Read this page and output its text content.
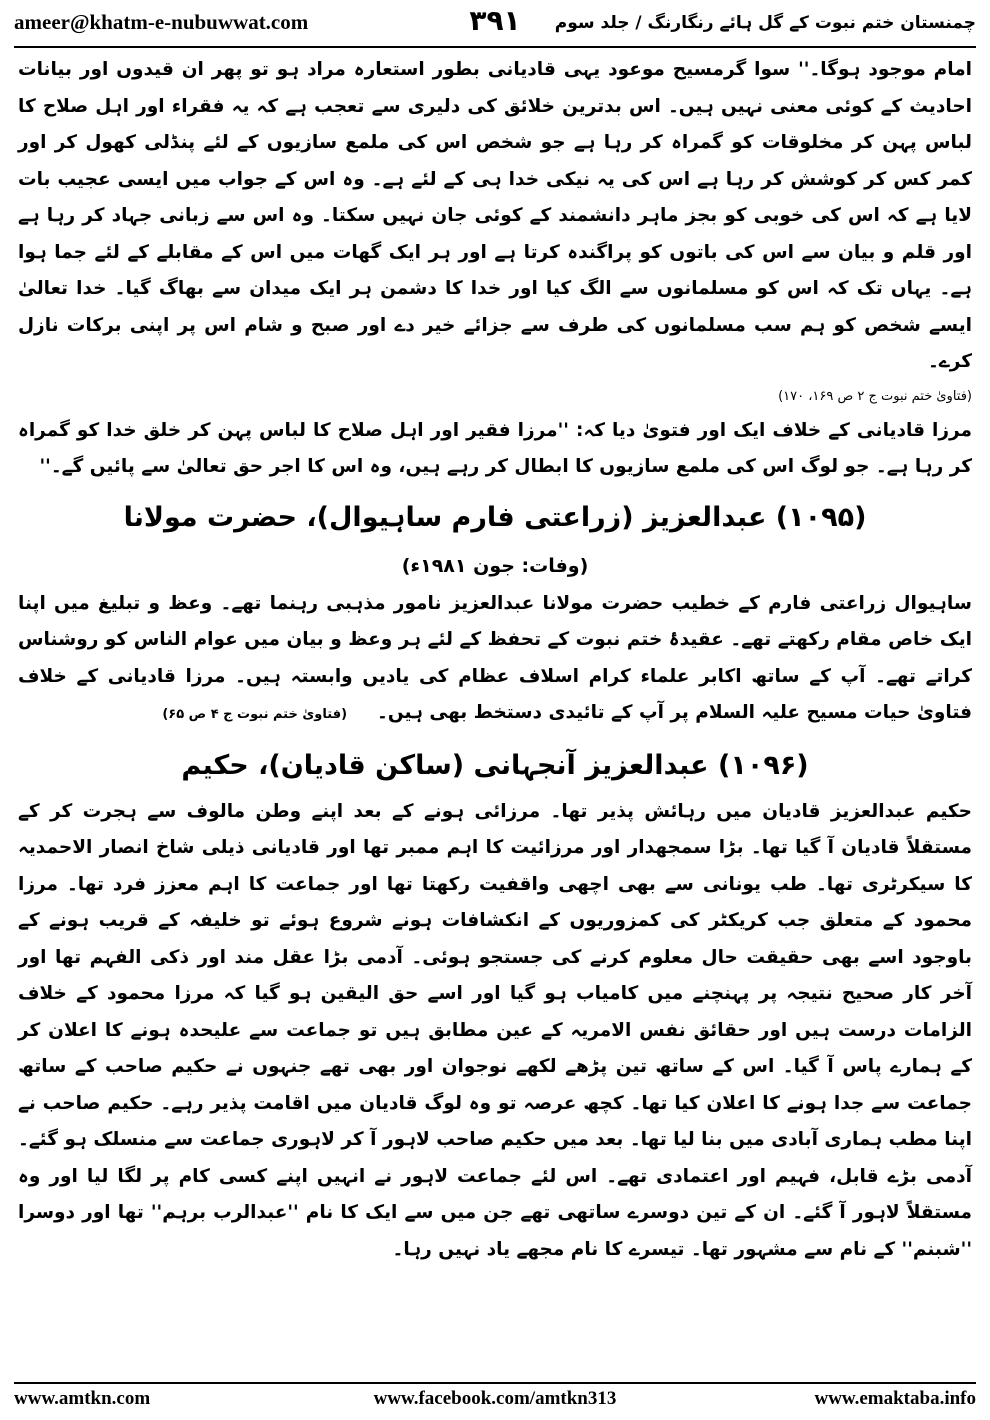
ameer@khatm-e-nubuwwat.com	۳۹۱	چمنستان ختم نبوت کے گل ہائے رنگارنگ / جلد سوم

امام موجود ہوگا۔'' سوا گرمسیح موعود یہی قادیانی بطور استعارہ مراد ہو تو پھر ان قیدوں اور بیانات احادیث کے کوئی معنی نہیں ہیں۔ اس بدترین خلائق کی دلیری سے تعجب ہے کہ یہ فقراء اور اہل صلاح کا لباس پہن کر مخلوقات کو گمراہ کر رہا ہے جو شخص اس کی ملمع سازیوں کے لئے پنڈلی کھول کر اور کمر کس کر کوشش کر رہا ہے اس کی یہ نیکی خدا ہی کے لئے ہے۔ وہ اس کے جواب میں ایسی عجیب بات لایا ہے کہ اس کی خوبی کو بجز ماہر دانشمند کے کوئی جان نہیں سکتا۔ وہ اس سے زبانی جہاد کر رہا ہے اور قلم و بیان سے اس کی باتوں کو پراگندہ کرتا ہے اور ہر ایک گھات میں اس کے مقابلے کے لئے جما ہوا ہے۔ یہاں تک کہ اس کو مسلمانوں سے الگ کیا اور خدا کا دشمن ہر ایک میدان سے بھاگ گیا۔ خدا تعالیٰ ایسے شخص کو ہم سب مسلمانوں کی طرف سے جزائے خیر دے اور صبح و شام اس پر اپنی برکات نازل کرے۔

(فتاویٰ ختم نبوت ج ۲ ص ۱۶۹، ۱۷۰)

مرزا قادیانی کے خلاف ایک اور فتویٰ دیا کہ: ''مرزا فقیر اور اہل صلاح کا لباس پہن کر خلق خدا کو گمراہ کر رہا ہے۔ جو لوگ اس کی ملمع سازیوں کا ابطال کر رہے ہیں، وہ اس کا اجر حق تعالیٰ سے پائیں گے۔''

(۱۰۹۵) عبدالعزیز (زراعتی فارم ساہیوال)، حضرت مولانا

(وفات: جون ۱۹۸۱ء)

ساہیوال زراعتی فارم کے خطیب حضرت مولانا عبدالعزیز نامور مذہبی رہنما تھے۔ وعظ و تبلیغ میں اپنا ایک خاص مقام رکھتے تھے۔ عقیدۂ ختم نبوت کے تحفظ کے لئے ہر وعظ و بیان میں عوام الناس کو روشناس کراتے تھے۔ آپ کے ساتھ اکابر علماء کرام اسلاف عظام کی یادیں وابستہ ہیں۔ مرزا قادیانی کے خلاف فتاویٰ حیات مسیح علیہ السلام پر آپ کے تائیدی دستخط بھی ہیں۔(فتاویٰ ختم نبوت ج ۴ ص ۶۵)

(۱۰۹۶) عبدالعزیز آنجہانی (ساکن قادیان)، حکیم

حکیم عبدالعزیز قادیان میں رہائش پذیر تھا۔ مرزائی ہونے کے بعد اپنے وطن مالوف سے ہجرت کر کے مستقلاً قادیان آ گیا تھا۔ بڑا سمجھدار اور مرزائیت کا اہم ممبر تھا اور قادیانی ذیلی شاخ انصار الاحمدیہ کا سیکرٹری تھا۔ طب یونانی سے بھی اچھی واقفیت رکھتا تھا اور جماعت کا اہم معزز فرد تھا۔ مرزا محمود کے متعلق جب کریکٹر کی کمزوریوں کے انکشافات ہونے شروع ہوئے تو خلیفہ کے قریب ہونے کے باوجود اسے بھی حقیقت حال معلوم کرنے کی جستجو ہوئی۔ آدمی بڑا عقل مند اور ذکی الفہم تھا اور آخر کار صحیح نتیجہ پر پہنچنے میں کامیاب ہو گیا اور اسے حق الیقین ہو گیا کہ مرزا محمود کے خلاف الزامات درست ہیں اور حقائق نفس الامریہ کے عین مطابق ہیں تو جماعت سے علیحدہ ہونے کا اعلان کر کے ہمارے پاس آ گیا۔ اس کے ساتھ تین پڑھے لکھے نوجوان اور بھی تھے جنہوں نے حکیم صاحب کے ساتھ جماعت سے جدا ہونے کا اعلان کیا تھا۔ کچھ عرصہ تو وہ لوگ قادیان میں اقامت پذیر رہے۔ حکیم صاحب نے اپنا مطب ہماری آبادی میں بنا لیا تھا۔ بعد میں حکیم صاحب لاہور آ کر لاہوری جماعت سے منسلک ہو گئے۔ آدمی بڑے قابل، فہیم اور اعتمادی تھے۔ اس لئے جماعت لاہور نے انہیں اپنے کسی کام پر لگا لیا اور وہ مستقلاً لاہور آ گئے۔ ان کے تین دوسرے ساتھی تھے جن میں سے ایک کا نام ''عبدالرب برہم'' تھا اور دوسرا ''شبنم'' کے نام سے مشہور تھا۔ تیسرے کا نام مجھے یاد نہیں رہا۔

www.amtkn.com	www.facebook.com/amtkn313	www.emaktaba.info
